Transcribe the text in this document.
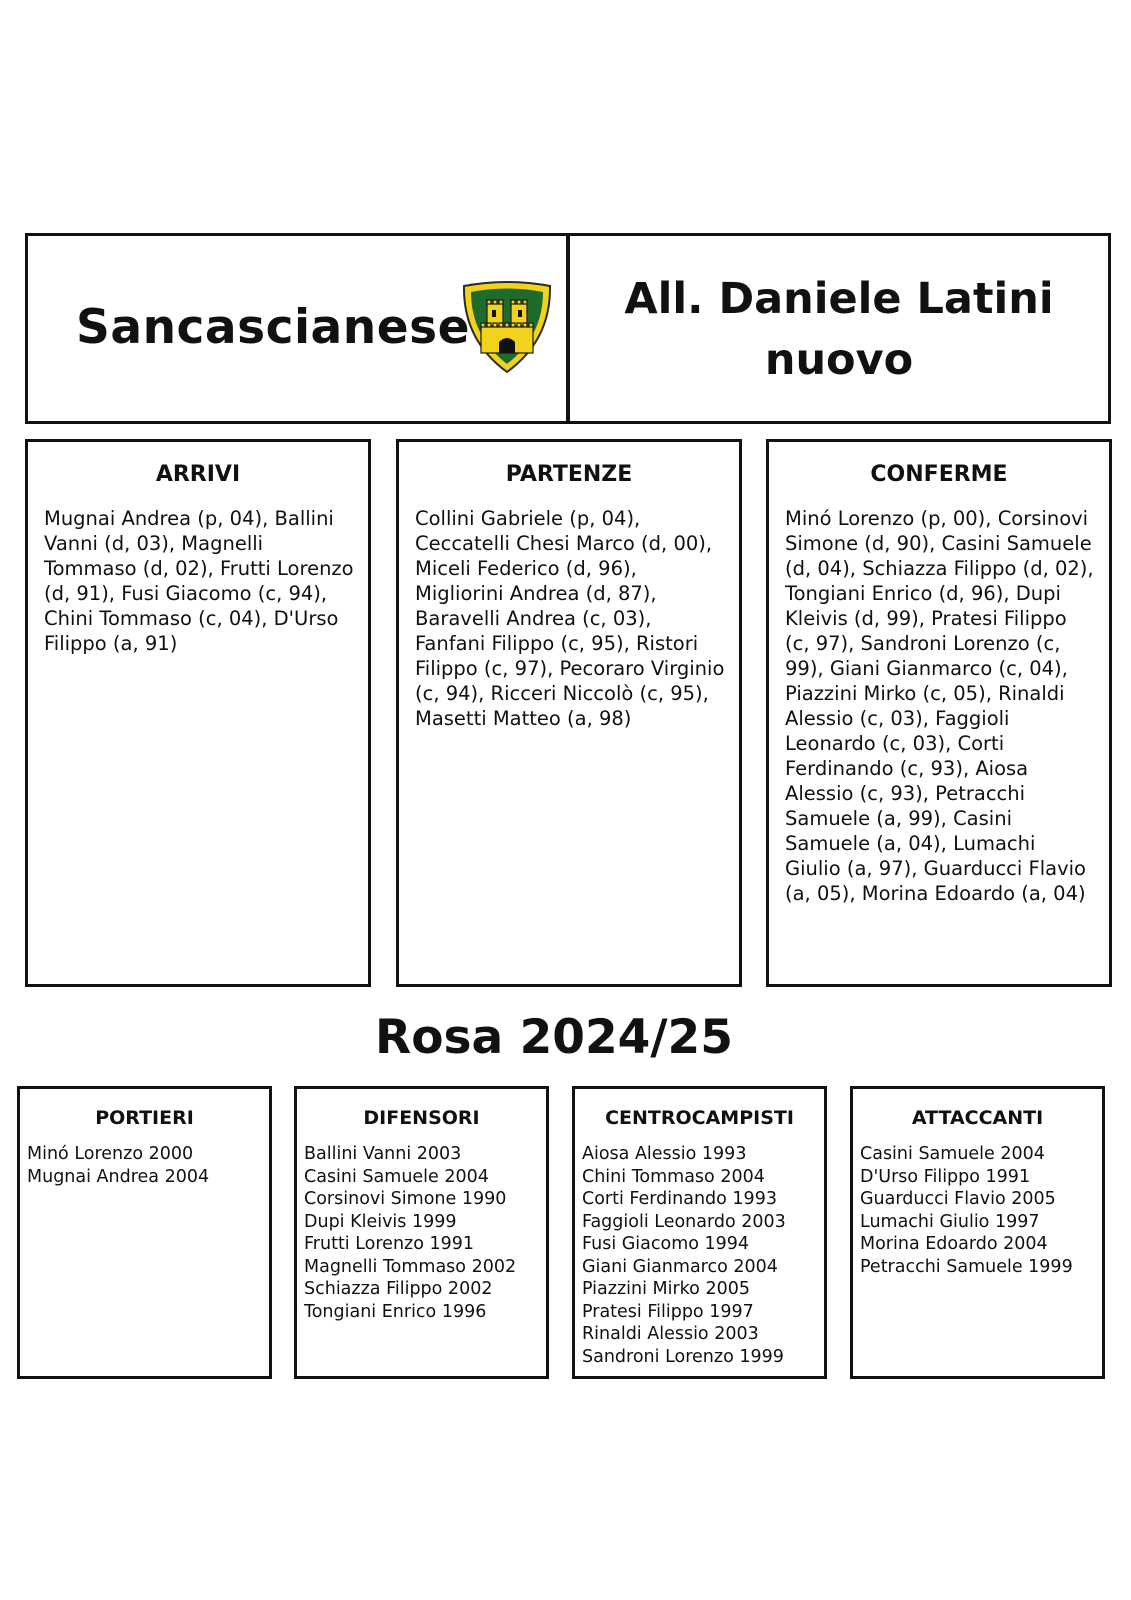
Sancascianese
All. Daniele Latini
nuovo
ARRIVI

Mugnai Andrea (p, 04), Ballini Vanni (d, 03), Magnelli Tommaso (d, 02), Frutti Lorenzo (d, 91), Fusi Giacomo (c, 94), Chini Tommaso (c, 04), D'Urso Filippo (a, 91)

PARTENZE

Collini Gabriele (p, 04), Ceccatelli Chesi Marco (d, 00), Miceli Federico (d, 96), Migliorini Andrea (d, 87), Baravelli Andrea (c, 03), Fanfani Filippo (c, 95), Ristori Filippo (c, 97), Pecoraro Virginio (c, 94), Ricceri Niccolò (c, 95), Masetti Matteo (a, 98)

CONFERME

Minó Lorenzo (p, 00), Corsinovi Simone (d, 90), Casini Samuele (d, 04), Schiazza Filippo (d, 02), Tongiani Enrico (d, 96), Dupi Kleivis (d, 99), Pratesi Filippo (c, 97), Sandroni Lorenzo (c, 99), Giani Gianmarco (c, 04), Piazzini Mirko (c, 05), Rinaldi Alessio (c, 03), Faggioli Leonardo (c, 03), Corti Ferdinando (c, 93), Aiosa Alessio (c, 93), Petracchi Samuele (a, 99), Casini Samuele (a, 04), Lumachi Giulio (a, 97), Guarducci Flavio (a, 05), Morina Edoardo (a, 04)

Rosa 2024/25
PORTIERI
Minó Lorenzo 2000
Mugnai Andrea 2004
DIFENSORI
Ballini Vanni 2003
Casini Samuele 2004
Corsinovi Simone 1990
Dupi Kleivis 1999
Frutti Lorenzo 1991
Magnelli Tommaso 2002
Schiazza Filippo 2002
Tongiani Enrico 1996
CENTROCAMPISTI
Aiosa Alessio 1993
Chini Tommaso 2004
Corti Ferdinando 1993
Faggioli Leonardo 2003
Fusi Giacomo 1994
Giani Gianmarco 2004
Piazzini Mirko 2005
Pratesi Filippo 1997
Rinaldi Alessio 2003
Sandroni Lorenzo 1999
ATTACCANTI
Casini Samuele 2004
D'Urso Filippo 1991
Guarducci Flavio 2005
Lumachi Giulio 1997
Morina Edoardo 2004
Petracchi Samuele 1999
